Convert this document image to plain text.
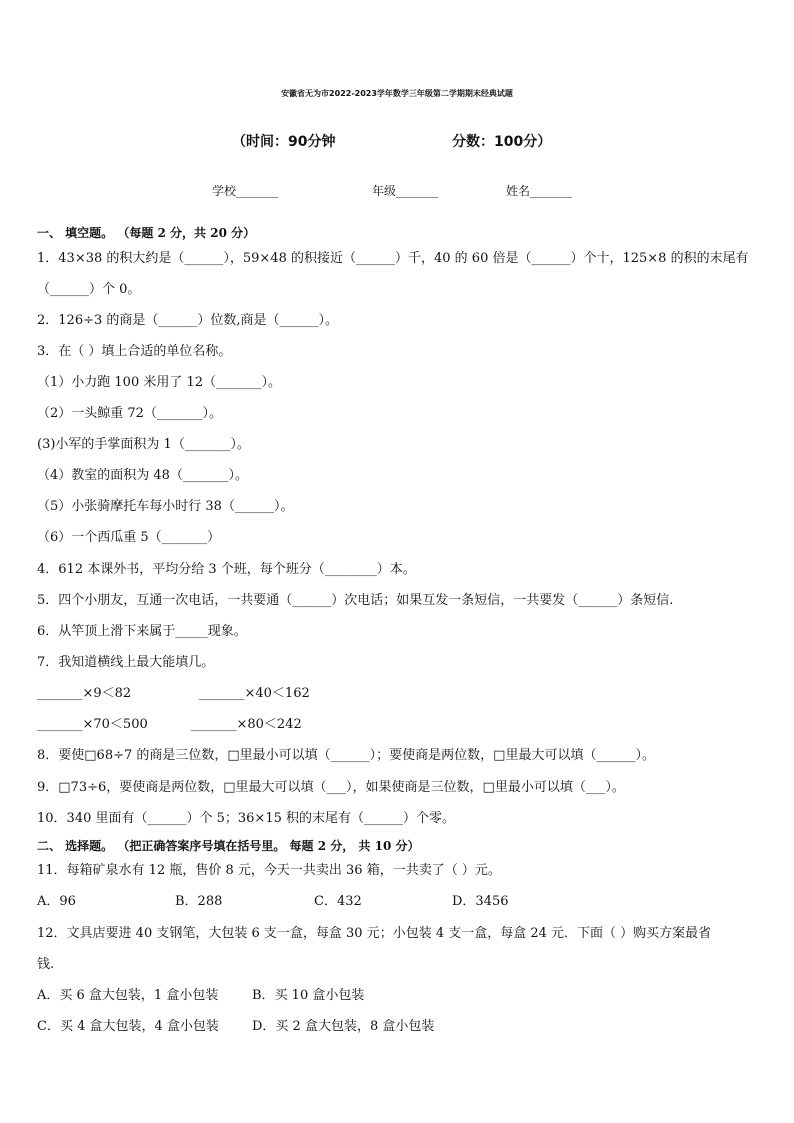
安徽省无为市2022-2023学年数学三年级第二学期期末经典试题
（时间：90分钟	分数：100分）
学校_______	年级_______	姓名_______
一、 填空题。 （每题 2 分，共 20 分）
1．43×38 的积大约是（______），59×48 的积接近（______）千，40 的 60 倍是（______）个十，125×8 的积的末尾有
（______）个 0。
2．126÷3 的商是（______）位数,商是（______）。
3．在（ ）填上合适的单位名称。
（1）小力跑 100 米用了 12（_______）。
（2）一头鲸重 72（_______）。
(3)小军的手掌面积为 1（_______）。
（4）教室的面积为 48（_______）。
（5）小张骑摩托车每小时行 38（______）。
（6）一个西瓜重 5（_______）
4．612 本课外书，平均分给 3 个班，每个班分（________）本。
5．四个小朋友，互通一次电话，一共要通（______）次电话；如果互发一条短信，一共要发（______）条短信.
6．从竿顶上滑下来属于_____现象。
7．我知道横线上最大能填几。
_______×9＜82	_______×40＜162
_______×70＜500	_______×80＜242
8．要使□68÷7 的商是三位数，□里最小可以填（______）；要使商是两位数，□里最大可以填（______）。
9．□73÷6，要使商是两位数，□里最大可以填（___），如果使商是三位数，□里最小可以填（___）。
10．340 里面有（______）个 5；36×15 积的末尾有（______）个零。
二、 选择题。 （把正确答案序号填在括号里。 每题 2 分， 共 10 分）
11．每箱矿泉水有 12 瓶，售价 8 元，今天一共卖出 36 箱，一共卖了（ ）元。
A．96	B．288	C．432	D．3456
12．文具店要进 40 支钢笔，大包装 6 支一盒，每盒 30 元；小包装 4 支一盒，每盒 24 元．下面（ ）购买方案最省
钱.
A．买 6 盒大包装，1 盒小包装	B．买 10 盒小包装
C．买 4 盒大包装，4 盒小包装	D．买 2 盒大包装，8 盒小包装
